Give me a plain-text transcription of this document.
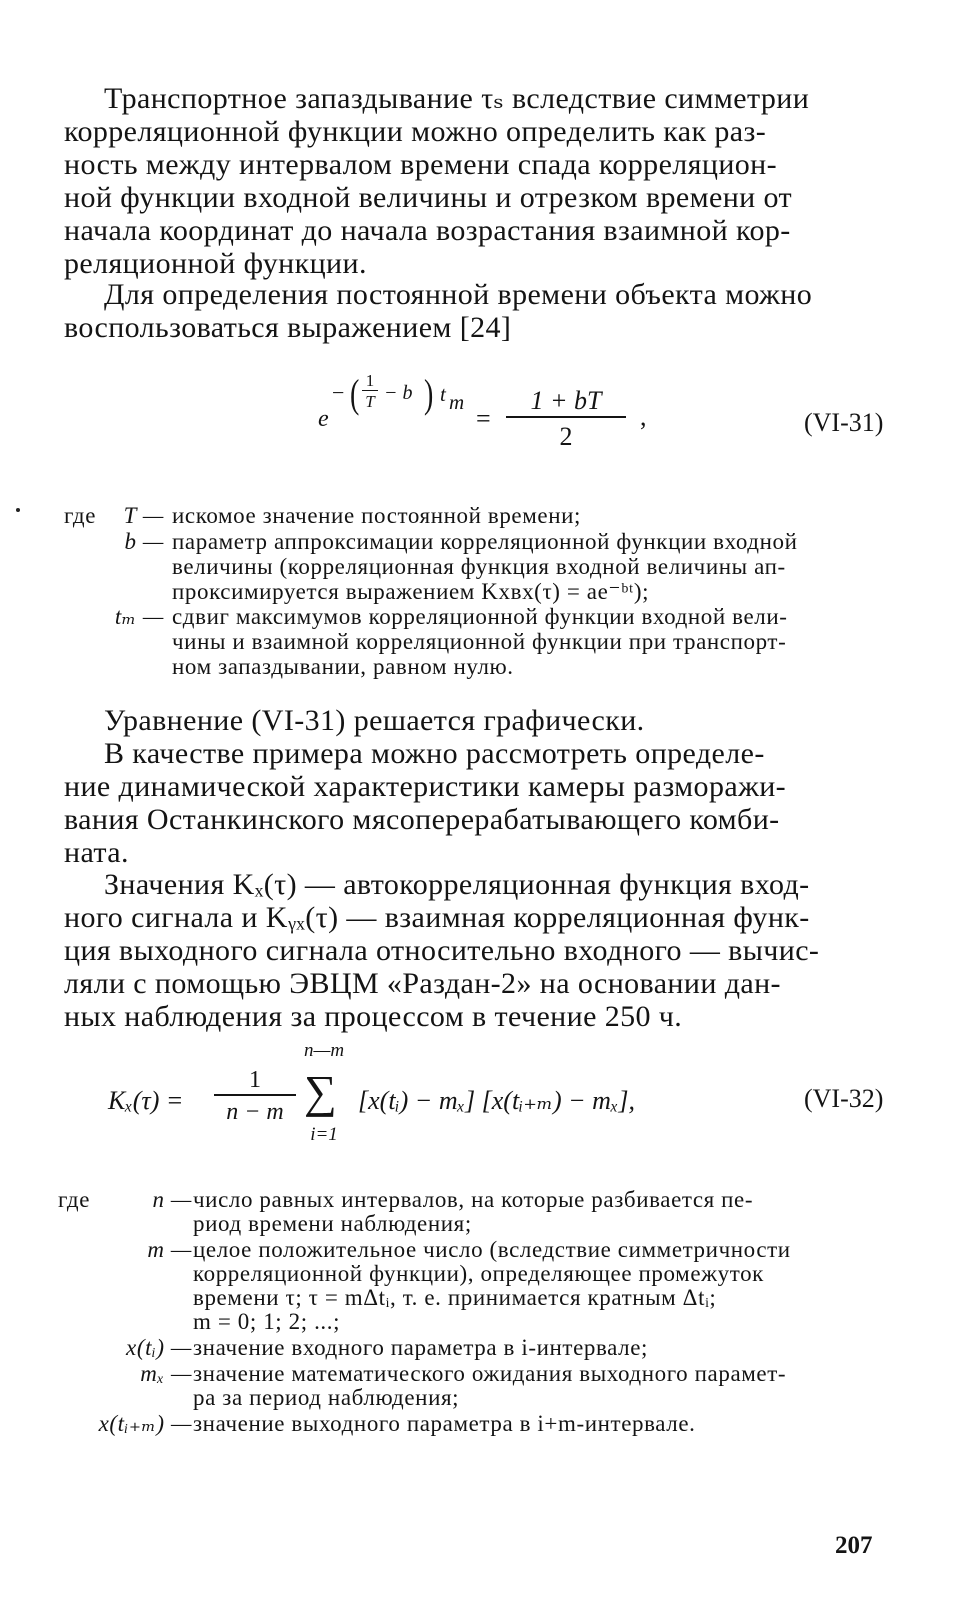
Транспортное запаздывание τₛ вследствие симметрии
корреляционной функции можно определить как раз-
ность между интервалом времени спада корреляцион-
ной функции входной величины и отрезком времени от
начала координат до начала возрастания взаимной кор-
реляционной функции.
Для определения постоянной времени объекта можно
воспользоваться выражением [24]
e
− ( 1
T − b ) t m
=
1 + bT
2
,	(VI-31)
где	T — искомое значение постоянной времени;
b — параметр аппроксимации корреляционной функции входной
величины (корреляционная функция входной величины ап-
проксимируется выражением Kxвх(τ) = ae⁻ᵇᵗ);
tₘ — сдвиг максимумов корреляционной функции входной вели-
чины и взаимной корреляционной функции при транспорт-
ном запаздывании, равном нулю.
Уравнение (VI-31) решается графически.
В качестве примера можно рассмотреть определе-
ние динамической характеристики камеры разморажи-
вания Останкинского мясоперерабатывающего комби-
ната.
Значения Kₓ(τ) — автокорреляционная функция вход-
ного сигнала и Kᵧₓ(τ) — взаимная корреляционная функ-
ция выходного сигнала относительно входного — вычис-
ляли с помощью ЭВЦМ «Раздан-2» на основании дан-
ных наблюдения за процессом в течение 250 ч.
Kₓ(τ) =
1
n − m
n—m
∑
i=1
[x(tᵢ) − mₓ] [x(tᵢ₊ₘ) − mₓ],	(VI-32)
где	n — число равных интервалов, на которые разбивается пе-
риод времени наблюдения;
m — целое положительное число (вследствие симметричности
корреляционной функции), определяющее промежуток
времени τ; τ = mΔtᵢ, т. е. принимается кратным Δtᵢ;
m = 0; 1; 2; ...;
x(tᵢ) — значение входного параметра в i-интервале;
mₓ — значение математического ожидания выходного парамет-
ра за период наблюдения;
x(tᵢ₊ₘ) — значение выходного параметра в i+m-интервале.
207
